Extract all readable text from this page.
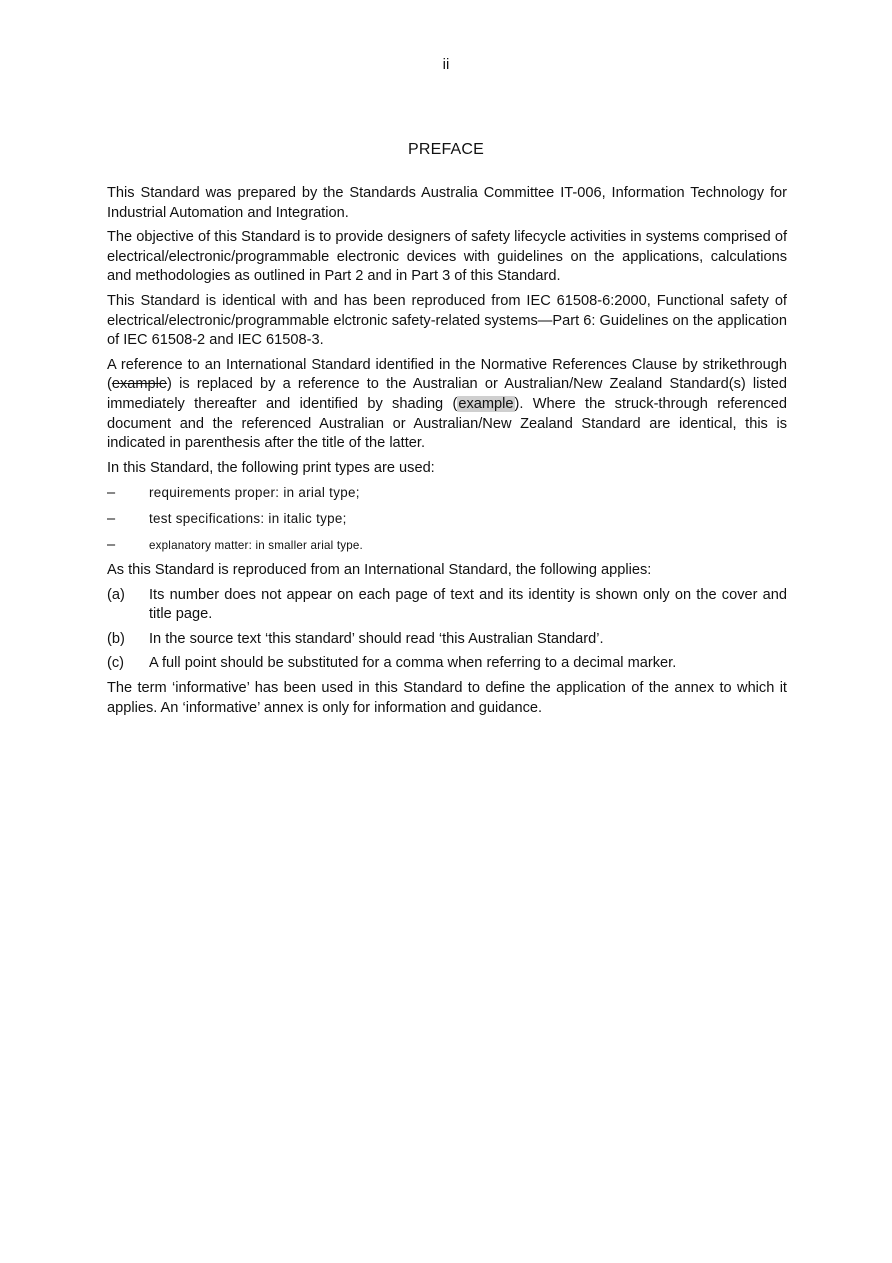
ii
PREFACE

This Standard was prepared by the Standards Australia Committee IT-006, Information Technology for Industrial Automation and Integration.

The objective of this Standard is to provide designers of safety lifecycle activities in systems comprised of electrical/electronic/programmable electronic devices with guidelines on the applications, calculations and methodologies as outlined in Part 2 and in Part 3 of this Standard.

This Standard is identical with and has been reproduced from IEC 61508-6:2000, Functional safety of electrical/electronic/programmable elctronic safety-related systems—Part 6: Guidelines on the application of IEC 61508-2 and IEC 61508-3.

A reference to an International Standard identified in the Normative References Clause by strikethrough (example) is replaced by a reference to the Australian or Australian/New Zealand Standard(s) listed immediately thereafter and identified by shading (example). Where the struck-through referenced document and the referenced Australian or Australian/New Zealand Standard are identical, this is indicated in parenthesis after the title of the latter.

In this Standard, the following print types are used:

–	requirements proper: in arial type;
–	test specifications: in italic type;
–	explanatory matter: in smaller arial type.

As this Standard is reproduced from an International Standard, the following applies:

(a)	Its number does not appear on each page of text and its identity is shown only on the cover and title page.
(b)	In the source text ‘this standard’ should read ‘this Australian Standard’.
(c)	A full point should be substituted for a comma when referring to a decimal marker.

The term ‘informative’ has been used in this Standard to define the application of the annex to which it applies. An ‘informative’ annex is only for information and guidance.
